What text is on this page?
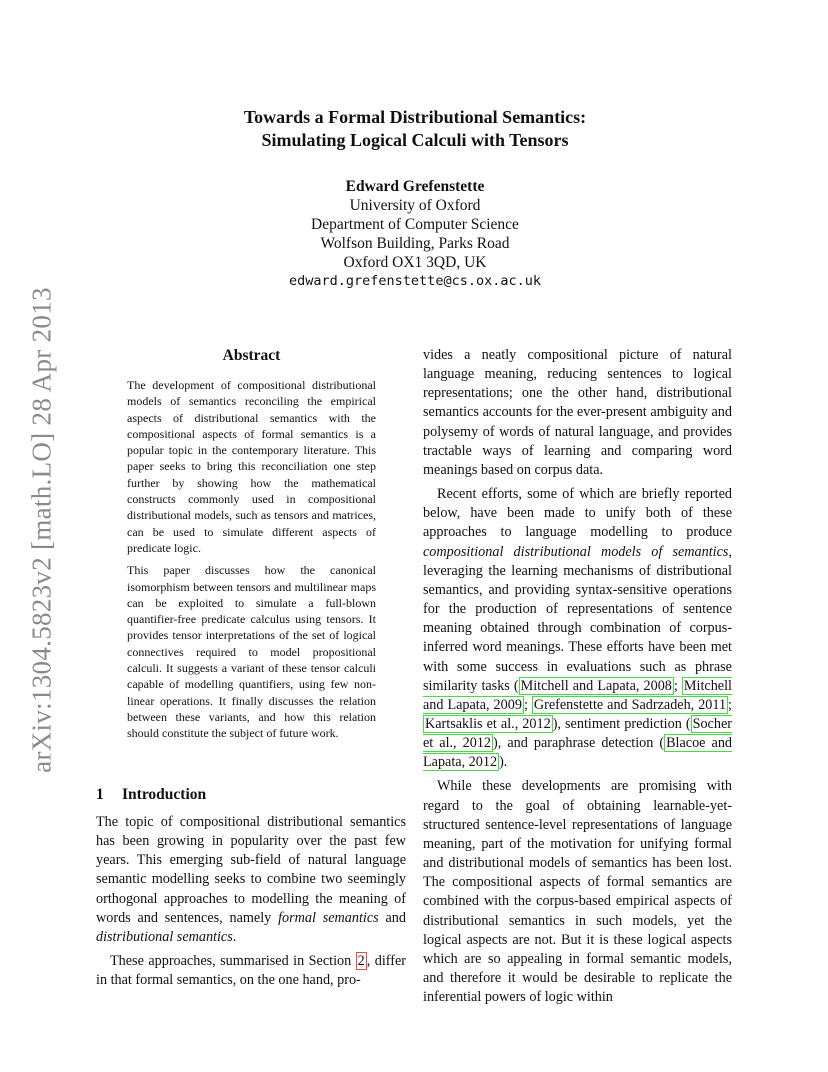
arXiv:1304.5823v2 [math.LO] 28 Apr 2013

Towards a Formal Distributional Semantics:
Simulating Logical Calculi with Tensors

Edward Grefenstette
University of Oxford
Department of Computer Science
Wolfson Building, Parks Road
Oxford OX1 3QD, UK
edward.grefenstette@cs.ox.ac.uk
Abstract

The development of compositional distributional models of semantics reconciling the empirical aspects of distributional semantics with the compositional aspects of formal semantics is a popular topic in the contemporary literature. This paper seeks to bring this reconciliation one step further by showing how the mathematical constructs commonly used in compositional distributional models, such as tensors and matrices, can be used to simulate different aspects of predicate logic.

This paper discusses how the canonical isomorphism between tensors and multilinear maps can be exploited to simulate a full-blown quantifier-free predicate calculus using tensors. It provides tensor interpretations of the set of logical connectives required to model propositional calculi. It suggests a variant of these tensor calculi capable of modelling quantifiers, using few non-linear operations. It finally discusses the relation between these variants, and how this relation should constitute the subject of future work.

1 Introduction

The topic of compositional distributional semantics has been growing in popularity over the past few years. This emerging sub-field of natural language semantic modelling seeks to combine two seemingly orthogonal approaches to modelling the meaning of words and sentences, namely formal semantics and distributional semantics.

These approaches, summarised in Section 2 , differ in that formal semantics, on the one hand, pro-

vides a neatly compositional picture of natural language meaning, reducing sentences to logical representations; one the other hand, distributional semantics accounts for the ever-present ambiguity and polysemy of words of natural language, and provides tractable ways of learning and comparing word meanings based on corpus data.

Recent efforts, some of which are briefly reported below, have been made to unify both of these approaches to language modelling to produce compositional distributional models of semantics, leveraging the learning mechanisms of distributional semantics, and providing syntax-sensitive operations for the production of representations of sentence meaning obtained through combination of corpus-inferred word meanings. These efforts have been met with some success in evaluations such as phrase similarity tasks ( Mitchell and Lapata, 2008 ; Mitchell and Lapata, 2009 ; Grefenstette and Sadrzadeh, 2011 ; Kartsaklis et al., 2012 ), sentiment prediction ( Socher et al., 2012 ), and paraphrase detection ( Blacoe and Lapata, 2012 ).

While these developments are promising with regard to the goal of obtaining learnable-yet-structured sentence-level representations of language meaning, part of the motivation for unifying formal and distributional models of semantics has been lost. The compositional aspects of formal semantics are combined with the corpus-based empirical aspects of distributional semantics in such models, yet the logical aspects are not. But it is these logical aspects which are so appealing in formal semantic models, and therefore it would be desirable to replicate the inferential powers of logic within
